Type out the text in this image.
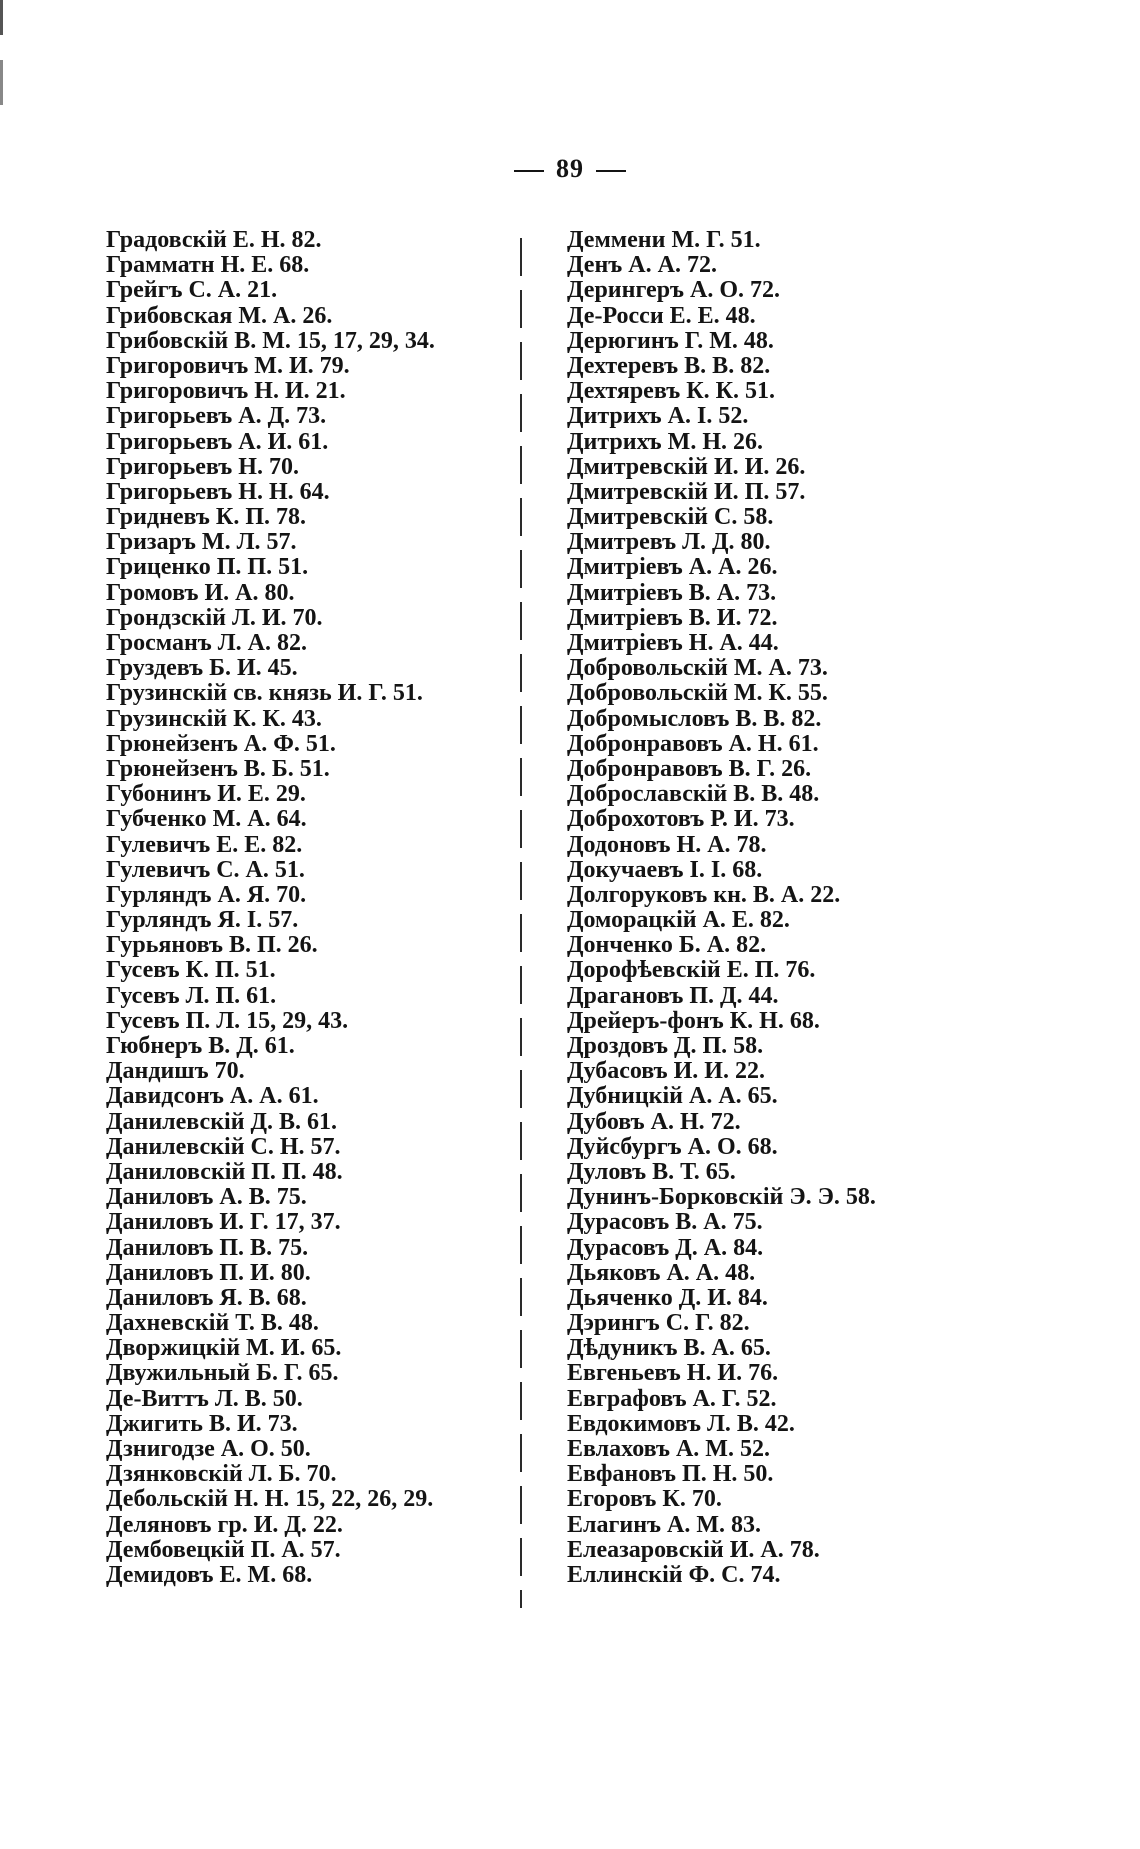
89
Градовскій Е. Н. 82.
Грамматн Н. Е. 68.
Грейгъ С. А. 21.
Грибовская М. А. 26.
Грибовскій В. М. 15, 17, 29, 34.
Григоровичъ М. И. 79.
Григоровичъ Н. И. 21.
Григорьевъ А. Д. 73.
Григорьевъ А. И. 61.
Григорьевъ Н. 70.
Григорьевъ Н. Н. 64.
Гридневъ К. П. 78.
Гризаръ М. Л. 57.
Гриценко П. П. 51.
Громовъ И. А. 80.
Грондзскій Л. И. 70.
Гросманъ Л. А. 82.
Груздевъ Б. И. 45.
Грузинскій св. князь И. Г. 51.
Грузинскій К. К. 43.
Грюнейзенъ А. Ф. 51.
Грюнейзенъ В. Б. 51.
Губонинъ И. Е. 29.
Губченко М. А. 64.
Гулевичъ Е. Е. 82.
Гулевичъ С. А. 51.
Гурляндъ А. Я. 70.
Гурляндъ Я. І. 57.
Гурьяновъ В. П. 26.
Гусевъ К. П. 51.
Гусевъ Л. П. 61.
Гусевъ П. Л. 15, 29, 43.
Гюбнеръ В. Д. 61.
Дандишъ 70.
Давидсонъ А. А. 61.
Данилевскій Д. В. 61.
Данилевскій С. Н. 57.
Даниловскій П. П. 48.
Даниловъ А. В. 75.
Даниловъ И. Г. 17, 37.
Даниловъ П. В. 75.
Даниловъ П. И. 80.
Даниловъ Я. В. 68.
Дахневскій Т. В. 48.
Дворжицкій М. И. 65.
Двужильный Б. Г. 65.
Де-Виттъ Л. В. 50.
Джигить В. И. 73.
Дзнигодзе А. О. 50.
Дзянковскій Л. Б. 70.
Дебольскій Н. Н. 15, 22, 26, 29.
Деляновъ гр. И. Д. 22.
Дембовецкій П. А. 57.
Демидовъ Е. М. 68.
Деммени М. Г. 51.
Денъ А. А. 72.
Дерингеръ А. О. 72.
Де-Росси Е. Е. 48.
Дерюгинъ Г. М. 48.
Дехтеревъ В. В. 82.
Дехтяревъ К. К. 51.
Дитрихъ А. І. 52.
Дитрихъ М. Н. 26.
Дмитревскій И. И. 26.
Дмитревскій И. П. 57.
Дмитревскій С. 58.
Дмитревъ Л. Д. 80.
Дмитріевъ А. А. 26.
Дмитріевъ В. А. 73.
Дмитріевъ В. И. 72.
Дмитріевъ Н. А. 44.
Добровольскій М. А. 73.
Добровольскій М. К. 55.
Добромысловъ В. В. 82.
Добронравовъ А. Н. 61.
Добронравовъ В. Г. 26.
Доброславскій В. В. 48.
Доброхотовъ Р. И. 73.
Додоновъ Н. А. 78.
Докучаевъ І. І. 68.
Долгоруковъ кн. В. А. 22.
Доморацкій А. Е. 82.
Донченко Б. А. 82.
Дорофѣевскій Е. П. 76.
Драгановъ П. Д. 44.
Дрейеръ-фонъ К. Н. 68.
Дроздовъ Д. П. 58.
Дубасовъ И. И. 22.
Дубницкій А. А. 65.
Дубовъ А. Н. 72.
Дуйсбургъ А. О. 68.
Дуловъ В. Т. 65.
Дунинъ-Борковскій Э. Э. 58.
Дурасовъ В. А. 75.
Дурасовъ Д. А. 84.
Дьяковъ А. А. 48.
Дьяченко Д. И. 84.
Дэрингъ С. Г. 82.
Дѣдуникъ В. А. 65.
Евгеньевъ Н. И. 76.
Евграфовъ А. Г. 52.
Евдокимовъ Л. В. 42.
Евлаховъ А. М. 52.
Евфановъ П. Н. 50.
Егоровъ К. 70.
Елагинъ А. М. 83.
Елеазаровскій И. А. 78.
Еллинскій Ф. С. 74.
